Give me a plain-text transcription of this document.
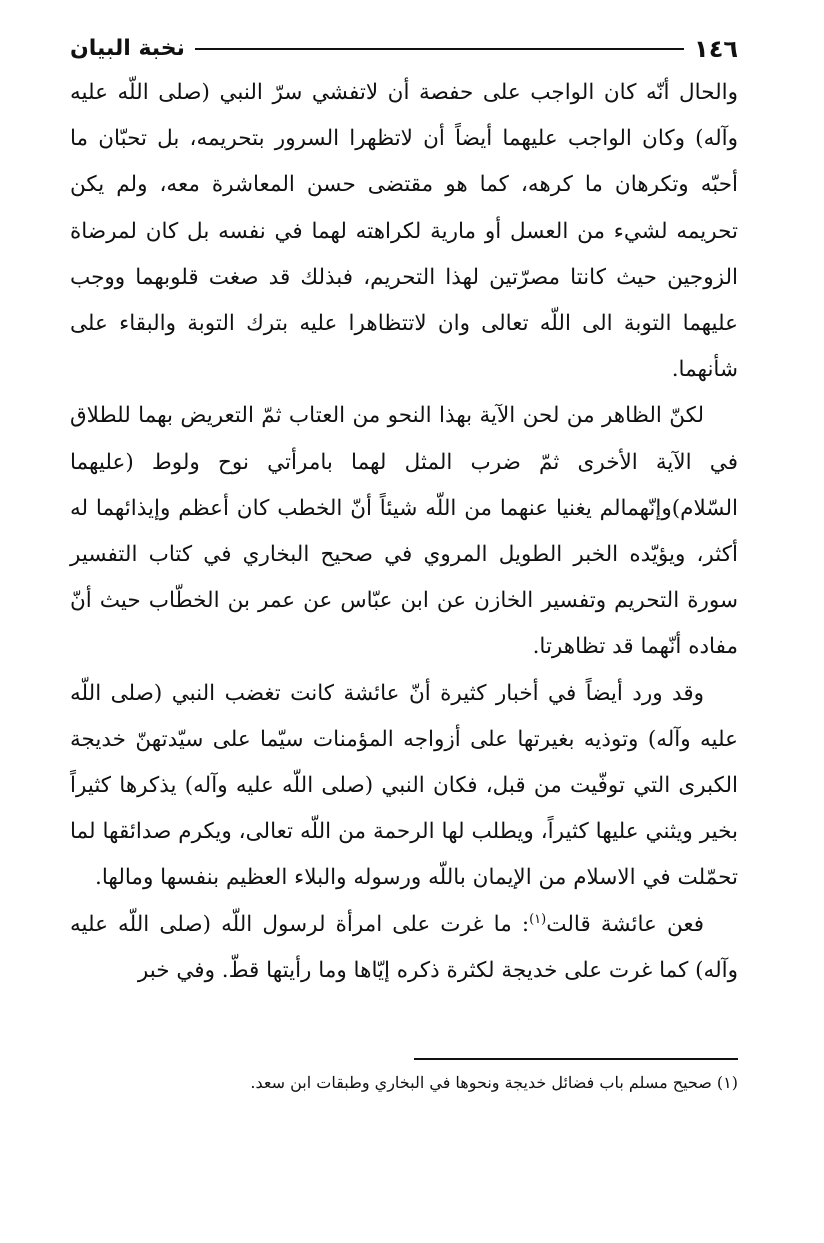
نخبة البيان	١٤٦

والحال أنّه كان الواجب على حفصة أن لاتفشي سرّ النبي (صلى اللّه عليه وآله) وكان الواجب عليهما أيضاً أن لاتظهرا السرور بتحريمه، بل تحبّان ما أحبّه وتكرهان ما كرهه، كما هو مقتضى حسن المعاشرة معه، ولم يكن تحريمه لشيء من العسل أو مارية لكراهته لهما في نفسه بل كان لمرضاة الزوجين حيث كانتا مصرّتين لهذا التحريم، فبذلك قد صغت قلوبهما ووجب عليهما التوبة الى اللّه تعالى وان لاتتظاهرا عليه بترك التوبة والبقاء على شأنهما.

لكنّ الظاهر من لحن الآية بهذا النحو من العتاب ثمّ التعريض بهما للطلاق في الآية الأخرى ثمّ ضرب المثل لهما بامرأتي نوح ولوط (عليهما السّلام)وإنّهمالم يغنيا عنهما من اللّه شيئاً أنّ الخطب كان أعظم وإيذائهما له أكثر، ويؤيّده الخبر الطويل المروي في صحيح البخاري في كتاب التفسير سورة التحريم وتفسير الخازن عن ابن عبّاس عن عمر بن الخطّاب حيث أنّ مفاده أنّهما قد تظاهرتا.

وقد ورد أيضاً في أخبار كثيرة أنّ عائشة كانت تغضب النبي (صلى اللّه عليه وآله) وتوذيه بغيرتها على أزواجه المؤمنات سيّما على سيّدتهنّ خديجة الكبرى التي توفّيت من قبل، فكان النبي (صلى اللّه عليه وآله) يذكرها كثيراً بخير ويثني عليها كثيراً، ويطلب لها الرحمة من اللّه تعالى، ويكرم صدائقها لما تحمّلت في الاسلام من الإيمان باللّه ورسوله والبلاء العظيم بنفسها ومالها.

فعن عائشة قالت$^{(١)}$: ما غرت على امرأة لرسول اللّه (صلى اللّه عليه وآله) كما غرت على خديجة لكثرة ذكره إيّاها وما رأيتها قطّ. وفي خبر

(١) صحيح مسلم باب فضائل خديجة ونحوها في البخاري وطبقات ابن سعد.
